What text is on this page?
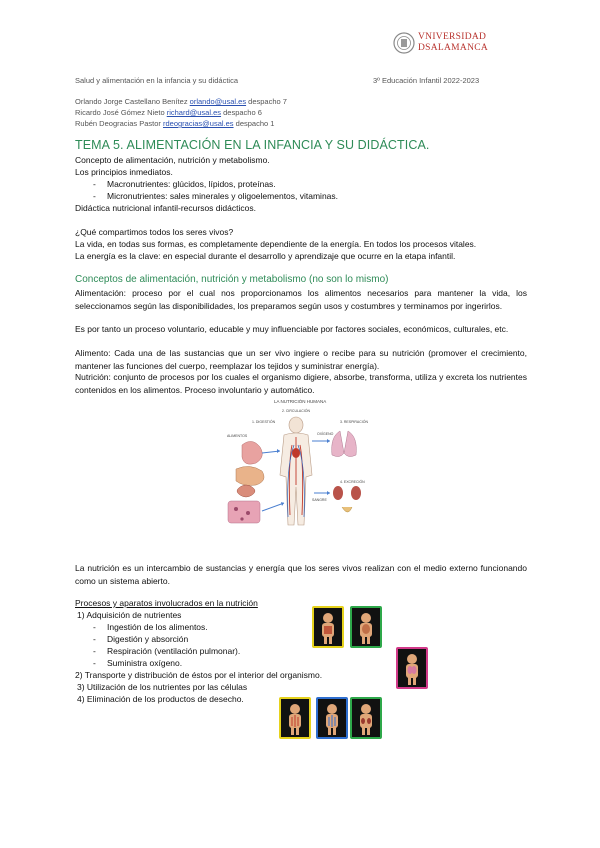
VNIVERSIDAD
DSALAMANCA
Salud y alimentación en la infancia y su didáctica	3º Educación Infantil 2022-2023
Orlando Jorge Castellano Benítez orlando@usal.es despacho 7
Ricardo José Gómez Nieto richard@usal.es despacho 6
Rubén Deogracias Pastor rdeogracias@usal.es despacho 1
TEMA 5. ALIMENTACIÓN EN LA INFANCIA Y SU DIDÁCTICA.
Concepto de alimentación, nutrición y metabolismo.
Los principios inmediatos.
- Macronutrientes: glúcidos, lípidos, proteínas.
- Micronutrientes: sales minerales y oligoelementos, vitaminas.
Didáctica nutricional infantil-recursos didácticos.
¿Qué compartimos todos los seres vivos?
La vida, en todas sus formas, es completamente dependiente de la energía. En todos los procesos vitales.
La energía es la clave: en especial durante el desarrollo y aprendizaje que ocurre en la etapa infantil.
Conceptos de alimentación, nutrición y metabolismo (no son lo mismo)
Alimentación: proceso por el cual nos proporcionamos los alimentos necesarios para mantener la vida, los seleccionamos según las disponibilidades, los preparamos según usos y costumbres y terminamos por ingerirlos.
Es por tanto un proceso voluntario, educable y muy influenciable por factores sociales, económicos, culturales, etc.
Alimento: Cada una de las sustancias que un ser vivo ingiere o recibe para su nutrición (promover el crecimiento, mantener las funciones del cuerpo, reemplazar los tejidos y suministrar energía).
Nutrición: conjunto de procesos por los cuales el organismo digiere, absorbe, transforma, utiliza y excreta los nutrientes contenidos en los alimentos. Proceso involuntario y automático.
LA NUTRICIÓN HUMANA
2. CIRCULACIÓN
1. DIGESTIÓN	3. RESPIRACIÓN
4. EXCRECIÓN
ALIMENTOS	OXÍGENO
SANGRE
La nutrición es un intercambio de sustancias y energía que los seres vivos realizan con el medio externo funcionando como un sistema abierto.
Procesos y aparatos involucrados en la nutrición
1) Adquisición de nutrientes
- Ingestión de los alimentos.
- Digestión y absorción
- Respiración (ventilación pulmonar).
- Suministra oxígeno.
2) Transporte y distribución de éstos por el interior del organismo.
3) Utilización de los nutrientes por las células
4) Eliminación de los productos de desecho.
